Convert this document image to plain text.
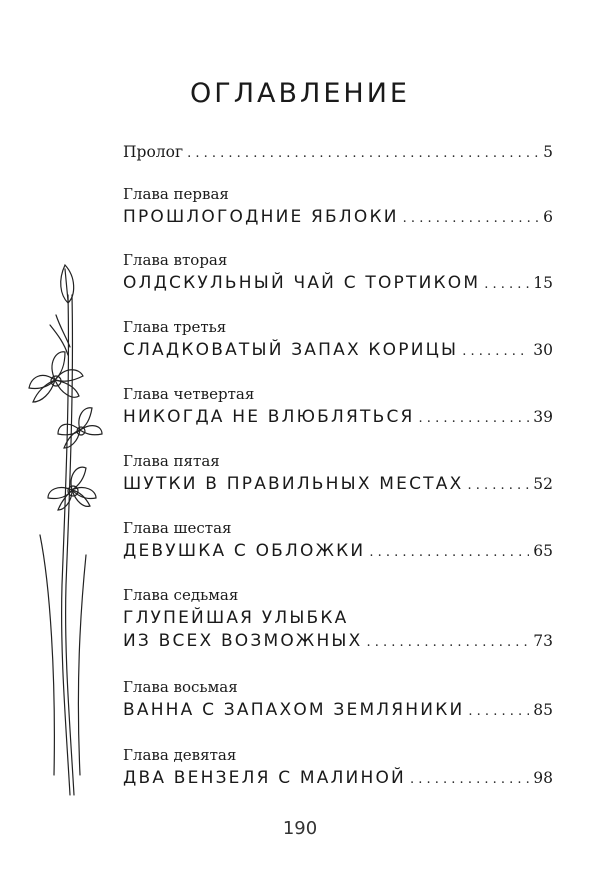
ОГЛАВЛЕНИЕ
Пролог . . .	5
Глава первая
ПРОШЛОГОДНИЕ ЯБЛОКИ . . .	6
Глава вторая
ОЛДСКУЛЬНЫЙ ЧАЙ С ТОРТИКОМ . . .	15
Глава третья
СЛАДКОВАТЫЙ ЗАПАХ КОРИЦЫ . . .	30
Глава четвертая
НИКОГДА НЕ ВЛЮБЛЯТЬСЯ . . .	39
Глава пятая
ШУТКИ В ПРАВИЛЬНЫХ МЕСТАХ . . .	52
Глава шестая
ДЕВУШКА С ОБЛОЖКИ . . .	65
Глава седьмая
ГЛУПЕЙШАЯ УЛЫБКА
ИЗ ВСЕХ ВОЗМОЖНЫХ . . .	73
Глава восьмая
ВАННА С ЗАПАХОМ ЗЕМЛЯНИКИ . . .	85
Глава девятая
ДВА ВЕНЗЕЛЯ С МАЛИНОЙ . . .	98
190
